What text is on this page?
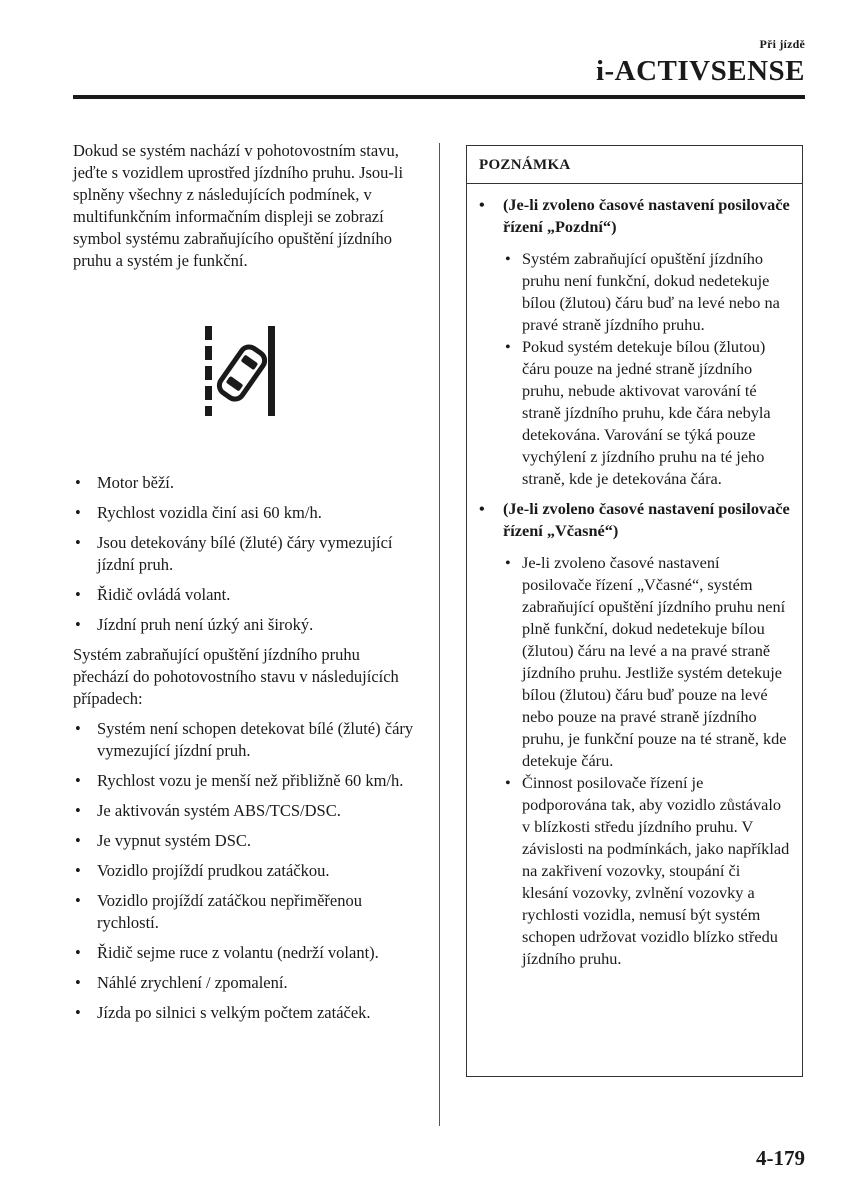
Při jízdě
i-ACTIVSENSE

Dokud se systém nachází v pohotovostním stavu, jeďte s vozidlem uprostřed jízdního pruhu. Jsou-li splněny všechny z následujících podmínek, v multifunkčním informačním displeji se zobrazí symbol systému zabraňujícího opuštění jízdního pruhu a systém je funkční.

• Motor běží.
• Rychlost vozidla činí asi 60 km/h.
• Jsou detekovány bílé (žluté) čáry vymezující jízdní pruh.
• Řidič ovládá volant.
• Jízdní pruh není úzký ani široký.

Systém zabraňující opuštění jízdního pruhu přechází do pohotovostního stavu v následujících případech:

• Systém není schopen detekovat bílé (žluté) čáry vymezující jízdní pruh.
• Rychlost vozu je menší než přibližně 60 km/h.
• Je aktivován systém ABS/TCS/DSC.
• Je vypnut systém DSC.
• Vozidlo projíždí prudkou zatáčkou.
• Vozidlo projíždí zatáčkou nepřiměřenou rychlostí.
• Řidič sejme ruce z volantu (nedrží volant).
• Náhlé zrychlení / zpomalení.
• Jízda po silnici s velkým počtem zatáček.
POZNÁMKA

• (Je-li zvoleno časové nastavení posilovače řízení „Pozdní“)

• Systém zabraňující opuštění jízdního pruhu není funkční, dokud nedetekuje bílou (žlutou) čáru buď na levé nebo na pravé straně jízdního pruhu.
• Pokud systém detekuje bílou (žlutou) čáru pouze na jedné straně jízdního pruhu, nebude aktivovat varování té straně jízdního pruhu, kde čára nebyla detekována. Varování se týká pouze vychýlení z jízdního pruhu na té jeho straně, kde je detekována čára.

• (Je-li zvoleno časové nastavení posilovače řízení „Včasné“)

• Je-li zvoleno časové nastavení posilovače řízení „Včasné“, systém zabraňující opuštění jízdního pruhu není plně funkční, dokud nedetekuje bílou (žlutou) čáru na levé a na pravé straně jízdního pruhu. Jestliže systém detekuje bílou (žlutou) čáru buď pouze na levé nebo pouze na pravé straně jízdního pruhu, je funkční pouze na té straně, kde detekuje čáru.
• Činnost posilovače řízení je podporována tak, aby vozidlo zůstávalo v blízkosti středu jízdního pruhu. V závislosti na podmínkách, jako například na zakřivení vozovky, stoupání či klesání vozovky, zvlnění vozovky a rychlosti vozidla, nemusí být systém schopen udržovat vozidlo blízko středu jízdního pruhu.
4-179
